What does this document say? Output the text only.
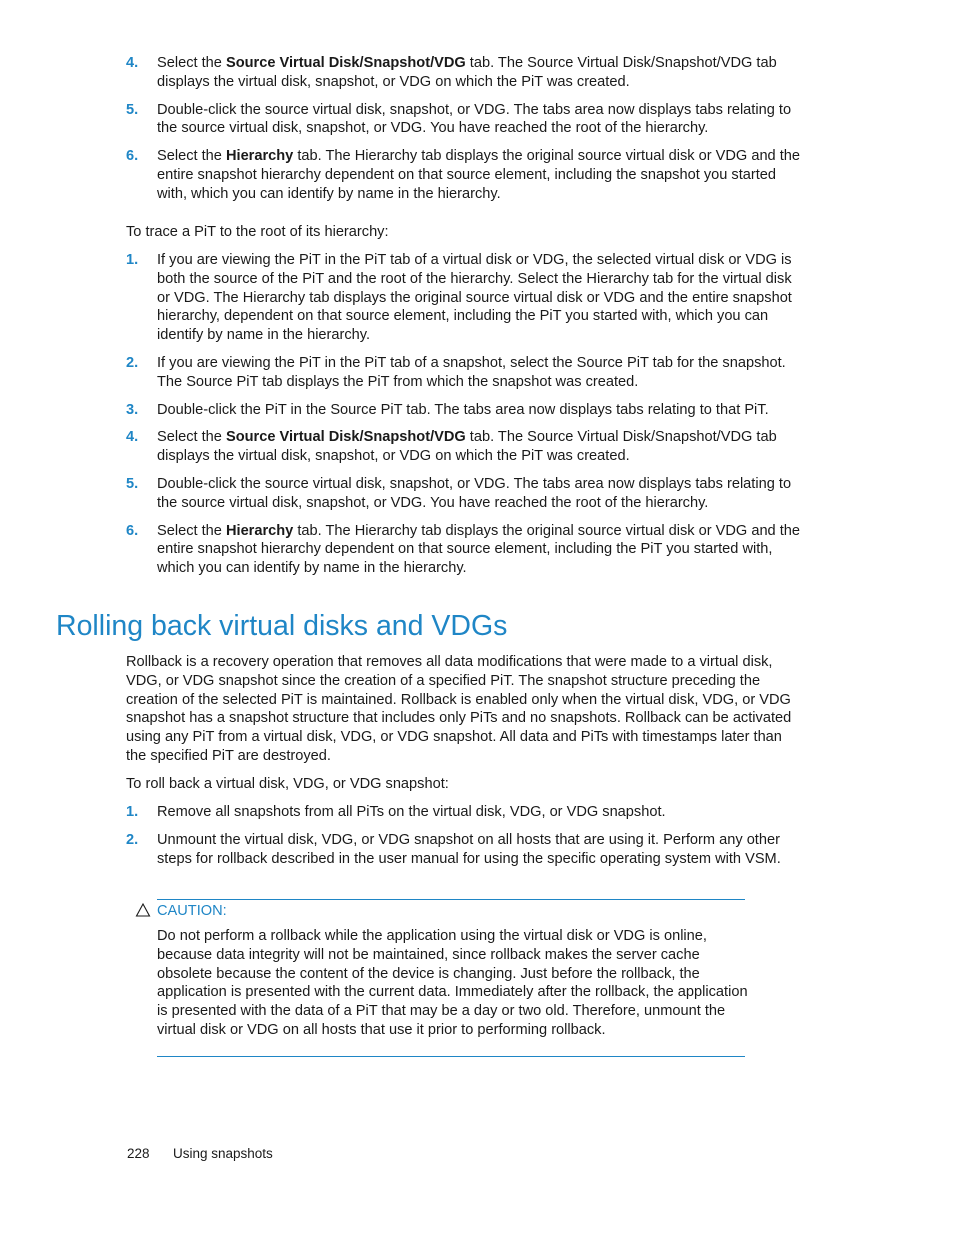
4. Select the Source Virtual Disk/Snapshot/VDG tab. The Source Virtual Disk/Snapshot/VDG tab displays the virtual disk, snapshot, or VDG on which the PiT was created.
5. Double-click the source virtual disk, snapshot, or VDG. The tabs area now displays tabs relating to the source virtual disk, snapshot, or VDG. You have reached the root of the hierarchy.
6. Select the Hierarchy tab. The Hierarchy tab displays the original source virtual disk or VDG and the entire snapshot hierarchy dependent on that source element, including the snapshot you started with, which you can identify by name in the hierarchy.

To trace a PiT to the root of its hierarchy:

1. If you are viewing the PiT in the PiT tab of a virtual disk or VDG, the selected virtual disk or VDG is both the source of the PiT and the root of the hierarchy. Select the Hierarchy tab for the virtual disk or VDG. The Hierarchy tab displays the original source virtual disk or VDG and the entire snapshot hierarchy, dependent on that source element, including the PiT you started with, which you can identify by name in the hierarchy.
2. If you are viewing the PiT in the PiT tab of a snapshot, select the Source PiT tab for the snapshot. The Source PiT tab displays the PiT from which the snapshot was created.
3. Double-click the PiT in the Source PiT tab. The tabs area now displays tabs relating to that PiT.
4. Select the Source Virtual Disk/Snapshot/VDG tab. The Source Virtual Disk/Snapshot/VDG tab displays the virtual disk, snapshot, or VDG on which the PiT was created.
5. Double-click the source virtual disk, snapshot, or VDG. The tabs area now displays tabs relating to the source virtual disk, snapshot, or VDG. You have reached the root of the hierarchy.
6. Select the Hierarchy tab. The Hierarchy tab displays the original source virtual disk or VDG and the entire snapshot hierarchy dependent on that source element, including the PiT you started with, which you can identify by name in the hierarchy.
Rolling back virtual disks and VDGs

Rollback is a recovery operation that removes all data modifications that were made to a virtual disk, VDG, or VDG snapshot since the creation of a specified PiT. The snapshot structure preceding the creation of the selected PiT is maintained. Rollback is enabled only when the virtual disk, VDG, or VDG snapshot has a snapshot structure that includes only PiTs and no snapshots. Rollback can be activated using any PiT from a virtual disk, VDG, or VDG snapshot. All data and PiTs with timestamps later than the specified PiT are destroyed.

To roll back a virtual disk, VDG, or VDG snapshot:

1. Remove all snapshots from all PiTs on the virtual disk, VDG, or VDG snapshot.
2. Unmount the virtual disk, VDG, or VDG snapshot on all hosts that are using it. Perform any other steps for rollback described in the user manual for using the specific operating system with VSM.
CAUTION:
Do not perform a rollback while the application using the virtual disk or VDG is online, because data integrity will not be maintained, since rollback makes the server cache obsolete because the content of the device is changing. Just before the rollback, the application is presented with the current data. Immediately after the rollback, the application is presented with the data of a PiT that may be a day or two old. Therefore, unmount the virtual disk or VDG on all hosts that use it prior to performing rollback.
228 Using snapshots
